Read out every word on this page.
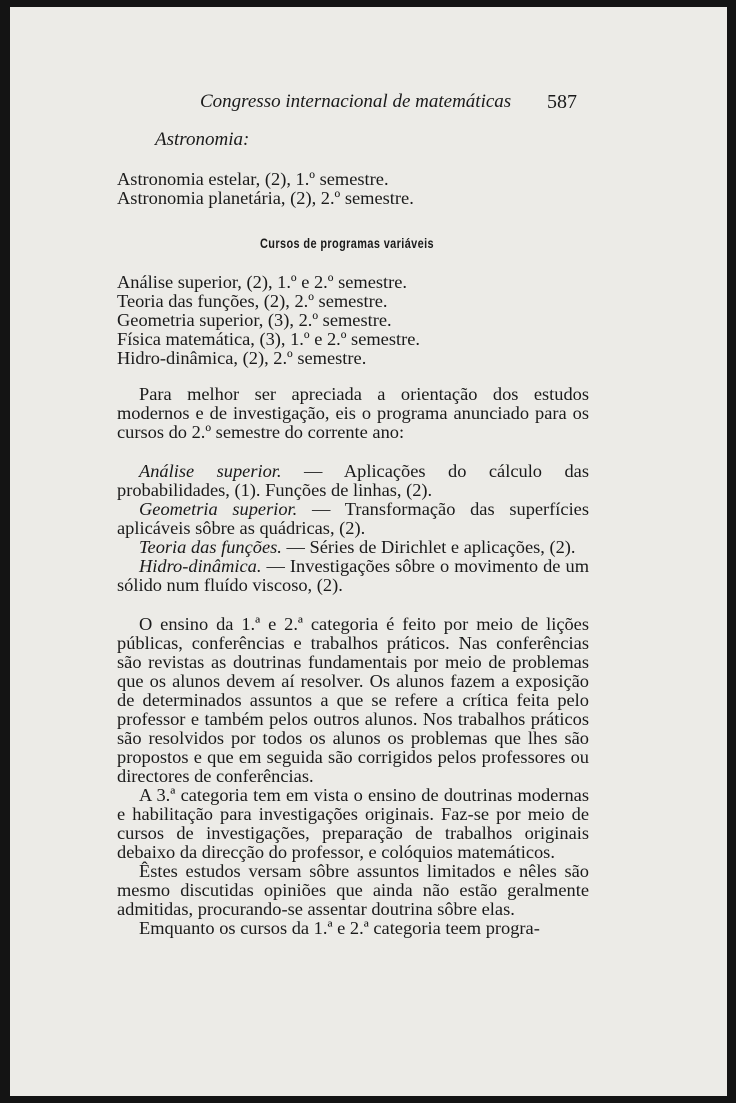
Congresso internacional de matemáticas	587
Astronomia:
Astronomia estelar, (2), 1.º semestre.
Astronomia planetária, (2), 2.º semestre.
Cursos de programas variáveis
Análise superior, (2), 1.º e 2.º semestre.
Teoria das funções, (2), 2.º semestre.
Geometria superior, (3), 2.º semestre.
Física matemática, (3), 1.º e 2.º semestre.
Hidro-dinâmica, (2), 2.º semestre.
Para melhor ser apreciada a orientação dos estudos modernos e de investigação, eis o programa anunciado para os cursos do 2.º semestre do corrente ano:
Análise superior. — Aplicações do cálculo das probabilidades, (1). Funções de linhas, (2).
Geometria superior. — Transformação das superfícies aplicáveis sôbre as quádricas, (2).
Teoria das funções. — Séries de Dirichlet e aplicações, (2).
Hidro-dinâmica. — Investigações sôbre o movimento de um sólido num fluído viscoso, (2).
O ensino da 1.ª e 2.ª categoria é feito por meio de lições públicas, conferências e trabalhos práticos. Nas conferências são revistas as doutrinas fundamentais por meio de problemas que os alunos devem aí resolver. Os alunos fazem a exposição de determinados assuntos a que se refere a crítica feita pelo professor e também pelos outros alunos. Nos trabalhos práticos são resolvidos por todos os alunos os problemas que lhes são propostos e que em seguida são corrigidos pelos professores ou directores de conferências.
A 3.ª categoria tem em vista o ensino de doutrinas modernas e habilitação para investigações originais. Faz-se por meio de cursos de investigações, preparação de trabalhos originais debaixo da direcção do professor, e colóquios matemáticos.
Êstes estudos versam sôbre assuntos limitados e nêles são mesmo discutidas opiniões que ainda não estão geralmente admitidas, procurando-se assentar doutrina sôbre elas.
Emquanto os cursos da 1.ª e 2.ª categoria teem progra-
